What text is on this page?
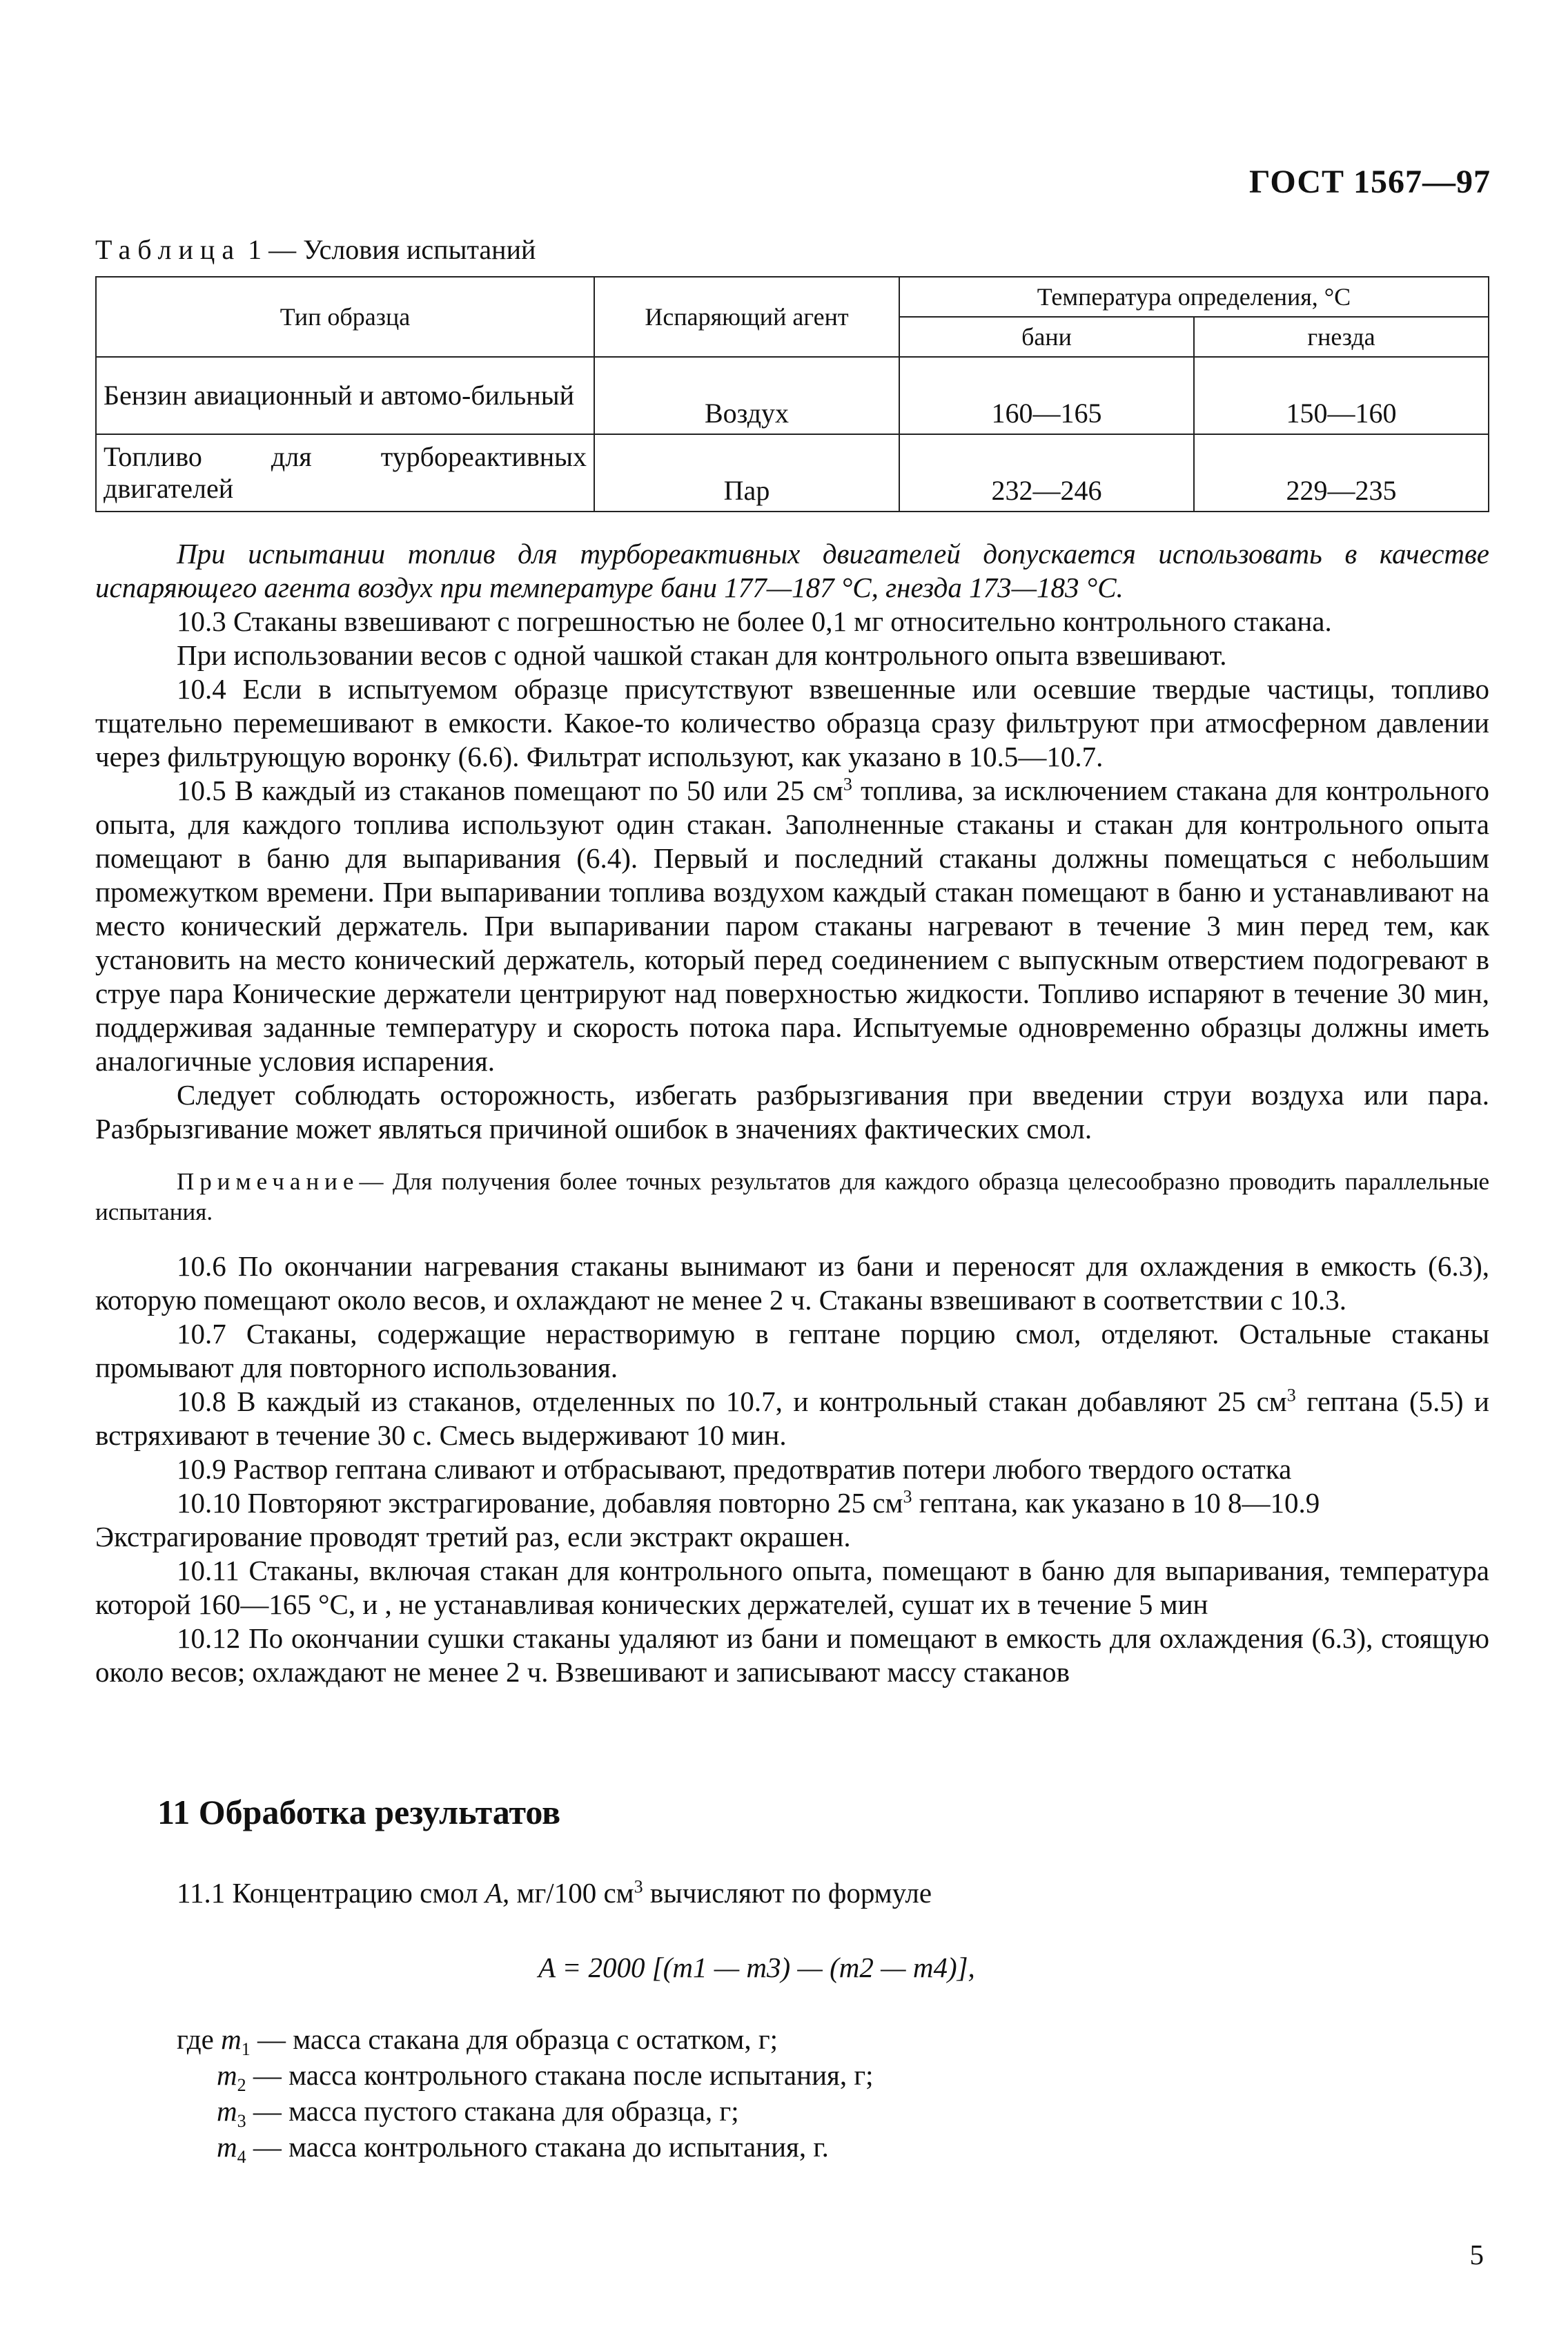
ГОСТ 1567—97
Таблица 1 — Условия испытаний
Тип образца	Испаряющий агент	Температура определения, °С	
		бани	гнезда
Бензин авиационный и автомо-бильный	Воздух	160—165	150—160
Топливо для турбореактивных двигателей	Пар	232—246	229—235

При испытании топлив для турбореактивных двигателей допускается использовать в качестве испаряющего агента воздух при температуре бани 177—187 °С, гнезда 173—183 °С.

10.3 Стаканы взвешивают с погрешностью не более 0,1 мг относительно контрольного стакана.

При использовании весов с одной чашкой стакан для контрольного опыта взвешивают.

10.4 Если в испытуемом образце присутствуют взвешенные или осевшие твердые частицы, топливо тщательно перемешивают в емкости. Какое-то количество образца сразу фильтруют при атмосферном давлении через фильтрующую воронку (6.6). Фильтрат используют, как указано в 10.5—10.7.

10.5 В каждый из стаканов помещают по 50 или 25 $см^3$ топлива, за исключением стакана для контрольного опыта, для каждого топлива используют один стакан. Заполненные стаканы и стакан для контрольного опыта помещают в баню для выпаривания (6.4). Первый и последний стаканы должны помещаться с небольшим промежутком времени. При выпаривании топлива воздухом каждый стакан помещают в баню и устанавливают на место конический держатель. При выпаривании паром стаканы нагревают в течение 3 мин перед тем, как установить на место конический держатель, который перед соединением с выпускным отверстием подогревают в струе пара Конические держатели центрируют над поверхностью жидкости. Топливо испаряют в течение 30 мин, поддерживая заданные температуру и скорость потока пара. Испытуемые одновременно образцы должны иметь аналогичные условия испарения.

Следует соблюдать осторожность, избегать разбрызгивания при введении струи воздуха или пара. Разбрызгивание может являться причиной ошибок в значениях фактических смол.

Примечание— Для получения более точных результатов для каждого образца целесообразно проводить параллельные испытания.

10.6 По окончании нагревания стаканы вынимают из бани и переносят для охлаждения в емкость (6.3), которую помещают около весов, и охлаждают не менее 2 ч. Стаканы взвешивают в соответствии с 10.3.

10.7 Стаканы, содержащие нерастворимую в гептане порцию смол, отделяют. Остальные стаканы промывают для повторного использования.

10.8 В каждый из стаканов, отделенных по 10.7, и контрольный стакан добавляют 25 $см^3$ гептана (5.5) и встряхивают в течение 30 с. Смесь выдерживают 10 мин.

10.9 Раствор гептана сливают и отбрасывают, предотвратив потери любого твердого остатка

10.10 Повторяют экстрагирование, добавляя повторно 25 $см^3$ гептана, как указано в 10 8—10.9

Экстрагирование проводят третий раз, если экстракт окрашен.

10.11 Стаканы, включая стакан для контрольного опыта, помещают в баню для выпаривания, температура которой 160—165 °С, и , не устанавливая конических держателей, сушат их в течение 5 мин

10.12 По окончании сушки стаканы удаляют из бани и помещают в емкость для охлаждения (6.3), стоящую около весов; охлаждают не менее 2 ч. Взвешивают и записывают массу стаканов

11 Обработка результатов

11.1 Концентрацию смол A, мг/100 $см^3$ вычисляют по формуле

A = 2000 [(m1 — m3) — (m2 — m4)],

где $m_1$ — масса стакана для образца с остатком, г;
$m_2$ — масса контрольного стакана после испытания, г;
$m_3$ — масса пустого стакана для образца, г;
$m_4$ — масса контрольного стакана до испытания, г.
5
